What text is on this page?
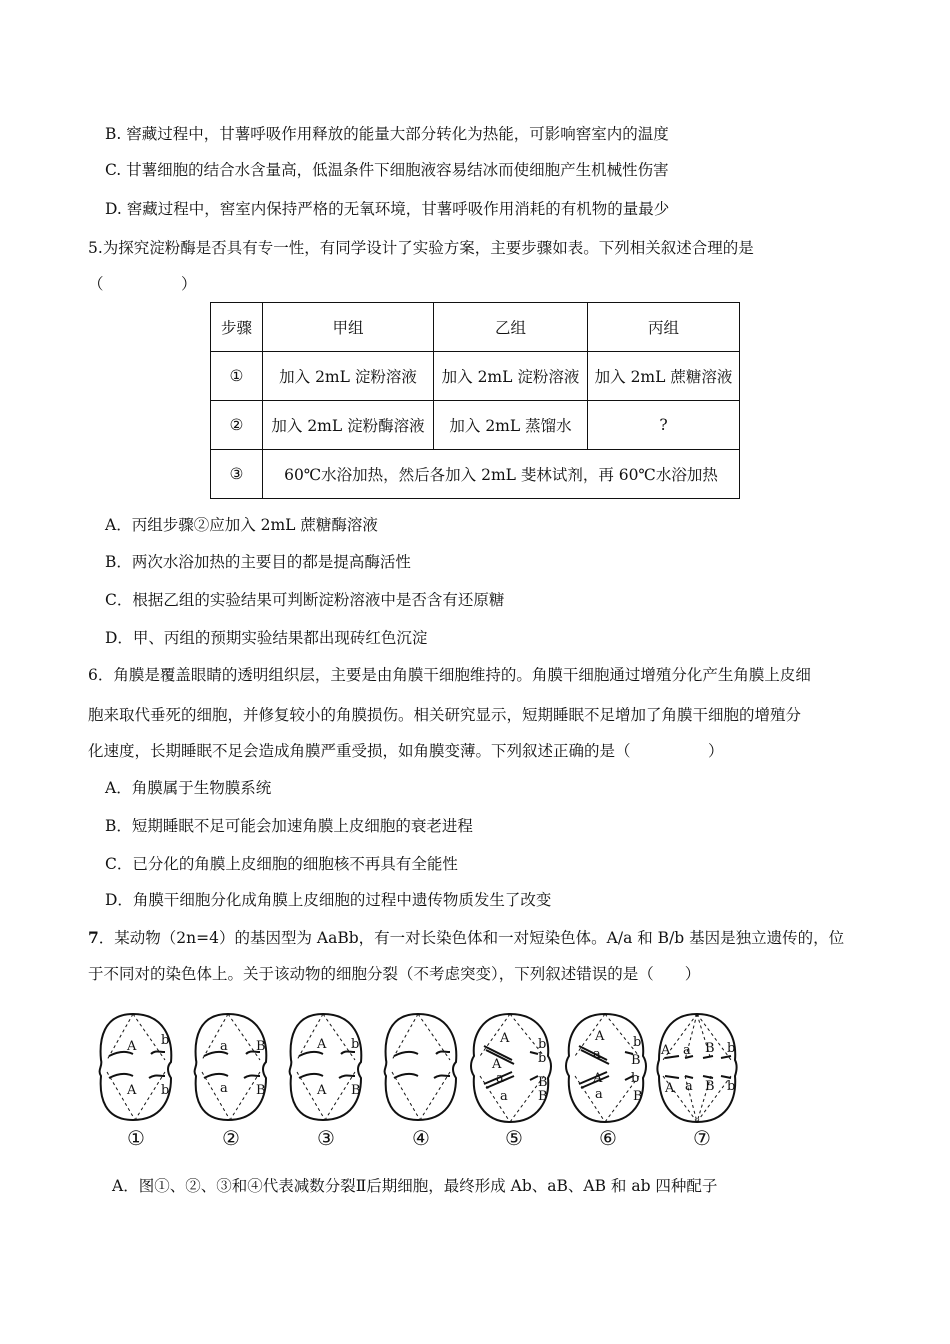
B. 窖藏过程中，甘薯呼吸作用释放的能量大部分转化为热能，可影响窖室内的温度
C. 甘薯细胞的结合水含量高，低温条件下细胞液容易结冰而使细胞产生机械性伤害
D. 窖藏过程中，窖室内保持严格的无氧环境，甘薯呼吸作用消耗的有机物的量最少
5.为探究淀粉酶是否具有专一性，有同学设计了实验方案，主要步骤如表。下列相关叙述合理的是
（　　　　　）
步骤	甲组	乙组	丙组
①	加入 2mL 淀粉溶液	加入 2mL 淀粉溶液	加入 2mL 蔗糖溶液
②	加入 2mL 淀粉酶溶液	加入 2mL 蒸馏水	?
③	60℃水浴加热，然后各加入 2mL 斐林试剂，再 60℃水浴加热		
A．丙组步骤②应加入 2mL 蔗糖酶溶液
B．两次水浴加热的主要目的都是提高酶活性
C．根据乙组的实验结果可判断淀粉溶液中是否含有还原糖
D．甲、丙组的预期实验结果都出现砖红色沉淀
6．角膜是覆盖眼睛的透明组织层，主要是由角膜干细胞维持的。角膜干细胞通过增殖分化产生角膜上皮细
胞来取代垂死的细胞，并修复较小的角膜损伤。相关研究显示，短期睡眠不足增加了角膜干细胞的增殖分
化速度，长期睡眠不足会造成角膜严重受损，如角膜变薄。下列叙述正确的是（　　　　　）
A．角膜属于生物膜系统
B．短期睡眠不足可能会加速角膜上皮细胞的衰老进程
C．已分化的角膜上皮细胞的细胞核不再具有全能性
D．角膜干细胞分化成角膜上皮细胞的过程中遗传物质发生了改变
7．某动物（2n=4）的基因型为 AaBb，有一对长染色体和一对短染色体。A/a 和 B/b 基因是独立遗传的，位
于不同对的染色体上。关于该动物的细胞分裂（不考虑突变），下列叙述错误的是（　　）
A b
A b
a B
a B
A b
A B
A b
b
A
a	B
a B
A b
a B
A b
a B
A a B b
A a B b
①	②	③	④	⑤	⑥	⑦
A．图①、②、③和④代表减数分裂Ⅱ后期细胞，最终形成 Ab、aB、AB 和 ab 四种配子
